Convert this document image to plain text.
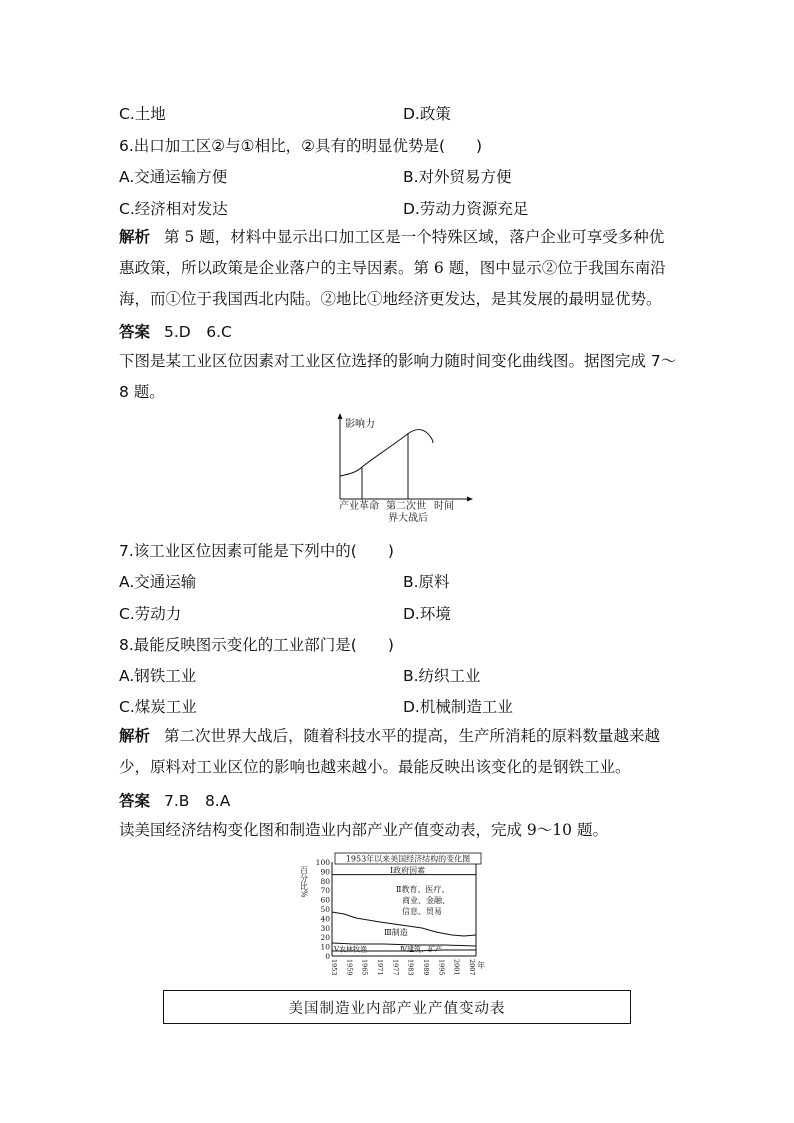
C.土地	D.政策
6.出口加工区②与①相比，②具有的明显优势是(　　)
A.交通运输方便	B.对外贸易方便
C.经济相对发达	D.劳动力资源充足
解析 第 5 题，材料中显示出口加工区是一个特殊区域，落户企业可享受多种优惠政策，所以政策是企业落户的主导因素。第 6 题，图中显示②位于我国东南沿海，而①位于我国西北内陆。②地比①地经济更发达，是其发展的最明显优势。
答案 5.D　6.C
下图是某工业区位因素对工业区位选择的影响力随时间变化曲线图。据图完成 7～8 题。
影响力
产业革命 第二次世
界大战后
时间
7.该工业区位因素可能是下列中的(　　)
A.交通运输	B.原料
C.劳动力	D.环境
8.最能反映图示变化的工业部门是(　　)
A.钢铁工业	B.纺织工业
C.煤炭工业	D.机械制造工业
解析 第二次世界大战后，随着科技水平的提高，生产所消耗的原料数量越来越少，原料对工业区位的影响也越来越小。最能反映出该变化的是钢铁工业。
答案 7.B　8.A
读美国经济结构变化图和制造业内部产业产值变动表，完成 9～10 题。
1953年以来美国经济结构的变化图
百分比%
100
90
80
70
60
50
40
30
20
10
0
1953 1959 1965 1971 1977 1983 1989 1995 2001 2007
Ⅰ政府因素
Ⅱ教育、医疗、
商业、金融、
信息、贸易
Ⅲ制造
Ⅴ农林牧渔	Ⅳ建筑、矿产
年
美国制造业内部产业产值变动表
